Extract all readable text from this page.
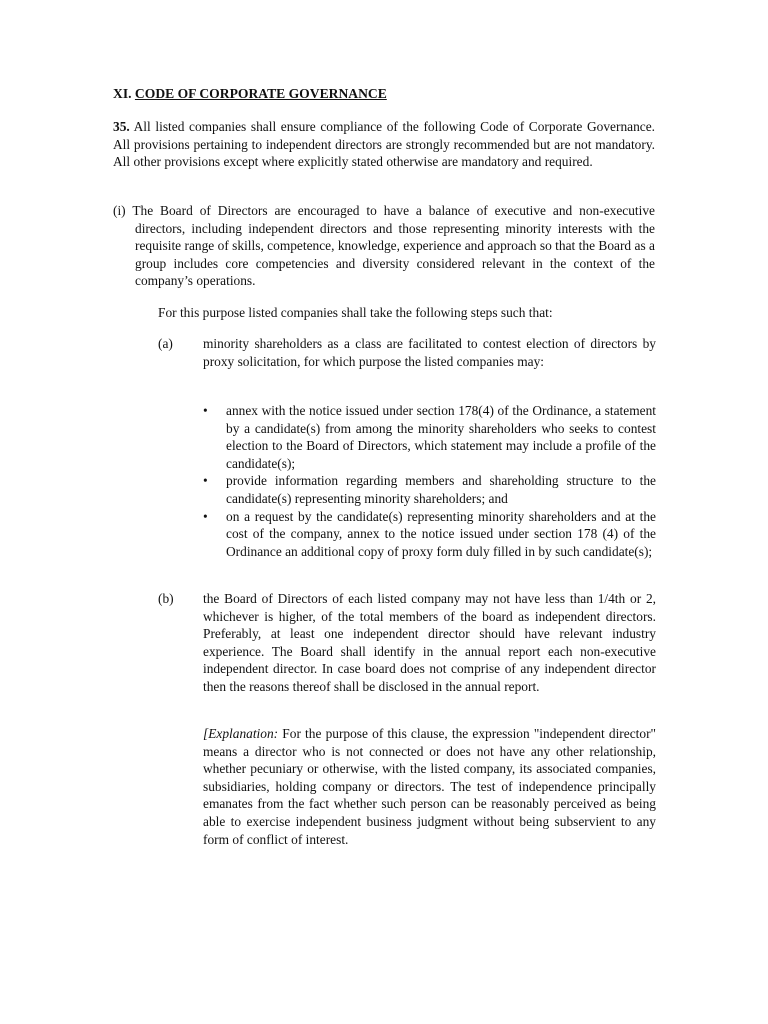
XI. CODE OF CORPORATE GOVERNANCE
35. All listed companies shall ensure compliance of the following Code of Corporate Governance. All provisions pertaining to independent directors are strongly recommended but are not mandatory. All other provisions except where explicitly stated otherwise are mandatory and required.
(i) The Board of Directors are encouraged to have a balance of executive and non-executive directors, including independent directors and those representing minority interests with the requisite range of skills, competence, knowledge, experience and approach so that the Board as a group includes core competencies and diversity considered relevant in the context of the company’s operations.
For this purpose listed companies shall take the following steps such that:
(a) minority shareholders as a class are facilitated to contest election of directors by proxy solicitation, for which purpose the listed companies may:
• annex with the notice issued under section 178(4) of the Ordinance, a statement by a candidate(s) from among the minority shareholders who seeks to contest election to the Board of Directors, which statement may include a profile of the candidate(s);
• provide information regarding members and shareholding structure to the candidate(s) representing minority shareholders; and
• on a request by the candidate(s) representing minority shareholders and at the cost of the company, annex to the notice issued under section 178 (4) of the Ordinance an additional copy of proxy form duly filled in by such candidate(s);
(b) the Board of Directors of each listed company may not have less than 1/4th or 2, whichever is higher, of the total members of the board as independent directors. Preferably, at least one independent director should have relevant industry experience. The Board shall identify in the annual report each non-executive independent director. In case board does not comprise of any independent director then the reasons thereof shall be disclosed in the annual report.
[Explanation: For the purpose of this clause, the expression "independent director" means a director who is not connected or does not have any other relationship, whether pecuniary or otherwise, with the listed company, its associated companies, subsidiaries, holding company or directors. The test of independence principally emanates from the fact whether such person can be reasonably perceived as being able to exercise independent business judgment without being subservient to any form of conflict of interest.
